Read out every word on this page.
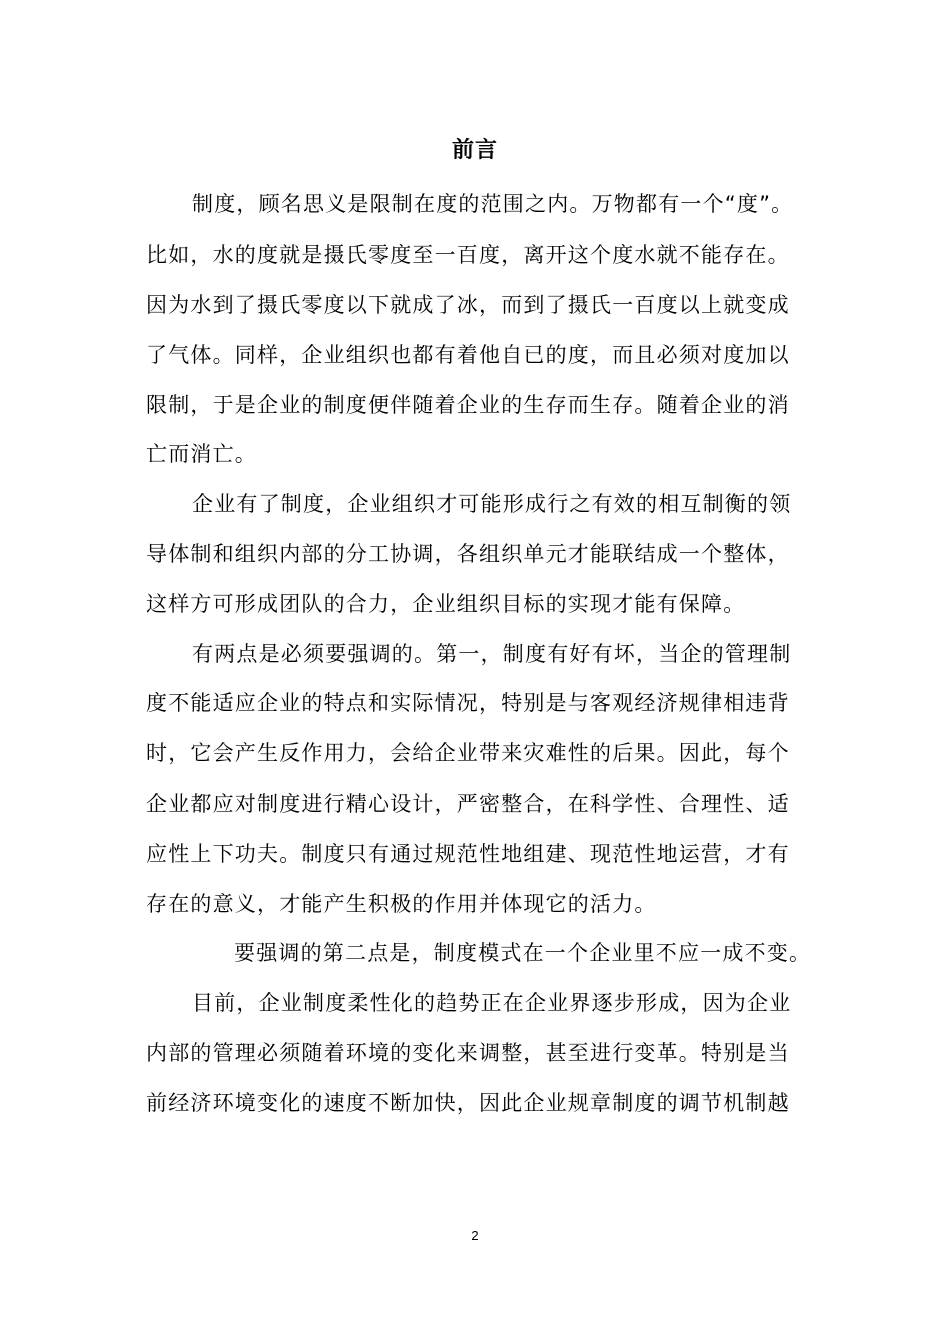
前言
制度，顾名思义是限制在度的范围之内。万物都有一个“度”。
比如，水的度就是摄氏零度至一百度，离开这个度水就不能存在。
因为水到了摄氏零度以下就成了冰，而到了摄氏一百度以上就变成
了气体。同样，企业组织也都有着他自已的度，而且必须对度加以
限制，于是企业的制度便伴随着企业的生存而生存。随着企业的消
亡而消亡。
企业有了制度，企业组织才可能形成行之有效的相互制衡的领
导体制和组织内部的分工协调，各组织单元才能联结成一个整体，
这样方可形成团队的合力，企业组织目标的实现才能有保障。
有两点是必须要强调的。第一，制度有好有坏，当企的管理制
度不能适应企业的特点和实际情况，特别是与客观经济规律相违背
时，它会产生反作用力，会给企业带来灾难性的后果。因此，每个
企业都应对制度进行精心设计，严密整合，在科学性、合理性、适
应性上下功夫。制度只有通过规范性地组建、现范性地运营，才有
存在的意义，才能产生积极的作用并体现它的活力。
要强调的第二点是，制度模式在一个企业里不应一成不变。
目前，企业制度柔性化的趋势正在企业界逐步形成，因为企业
内部的管理必须随着环境的变化来调整，甚至进行变革。特别是当
前经济环境变化的速度不断加快，因此企业规章制度的调节机制越
2
